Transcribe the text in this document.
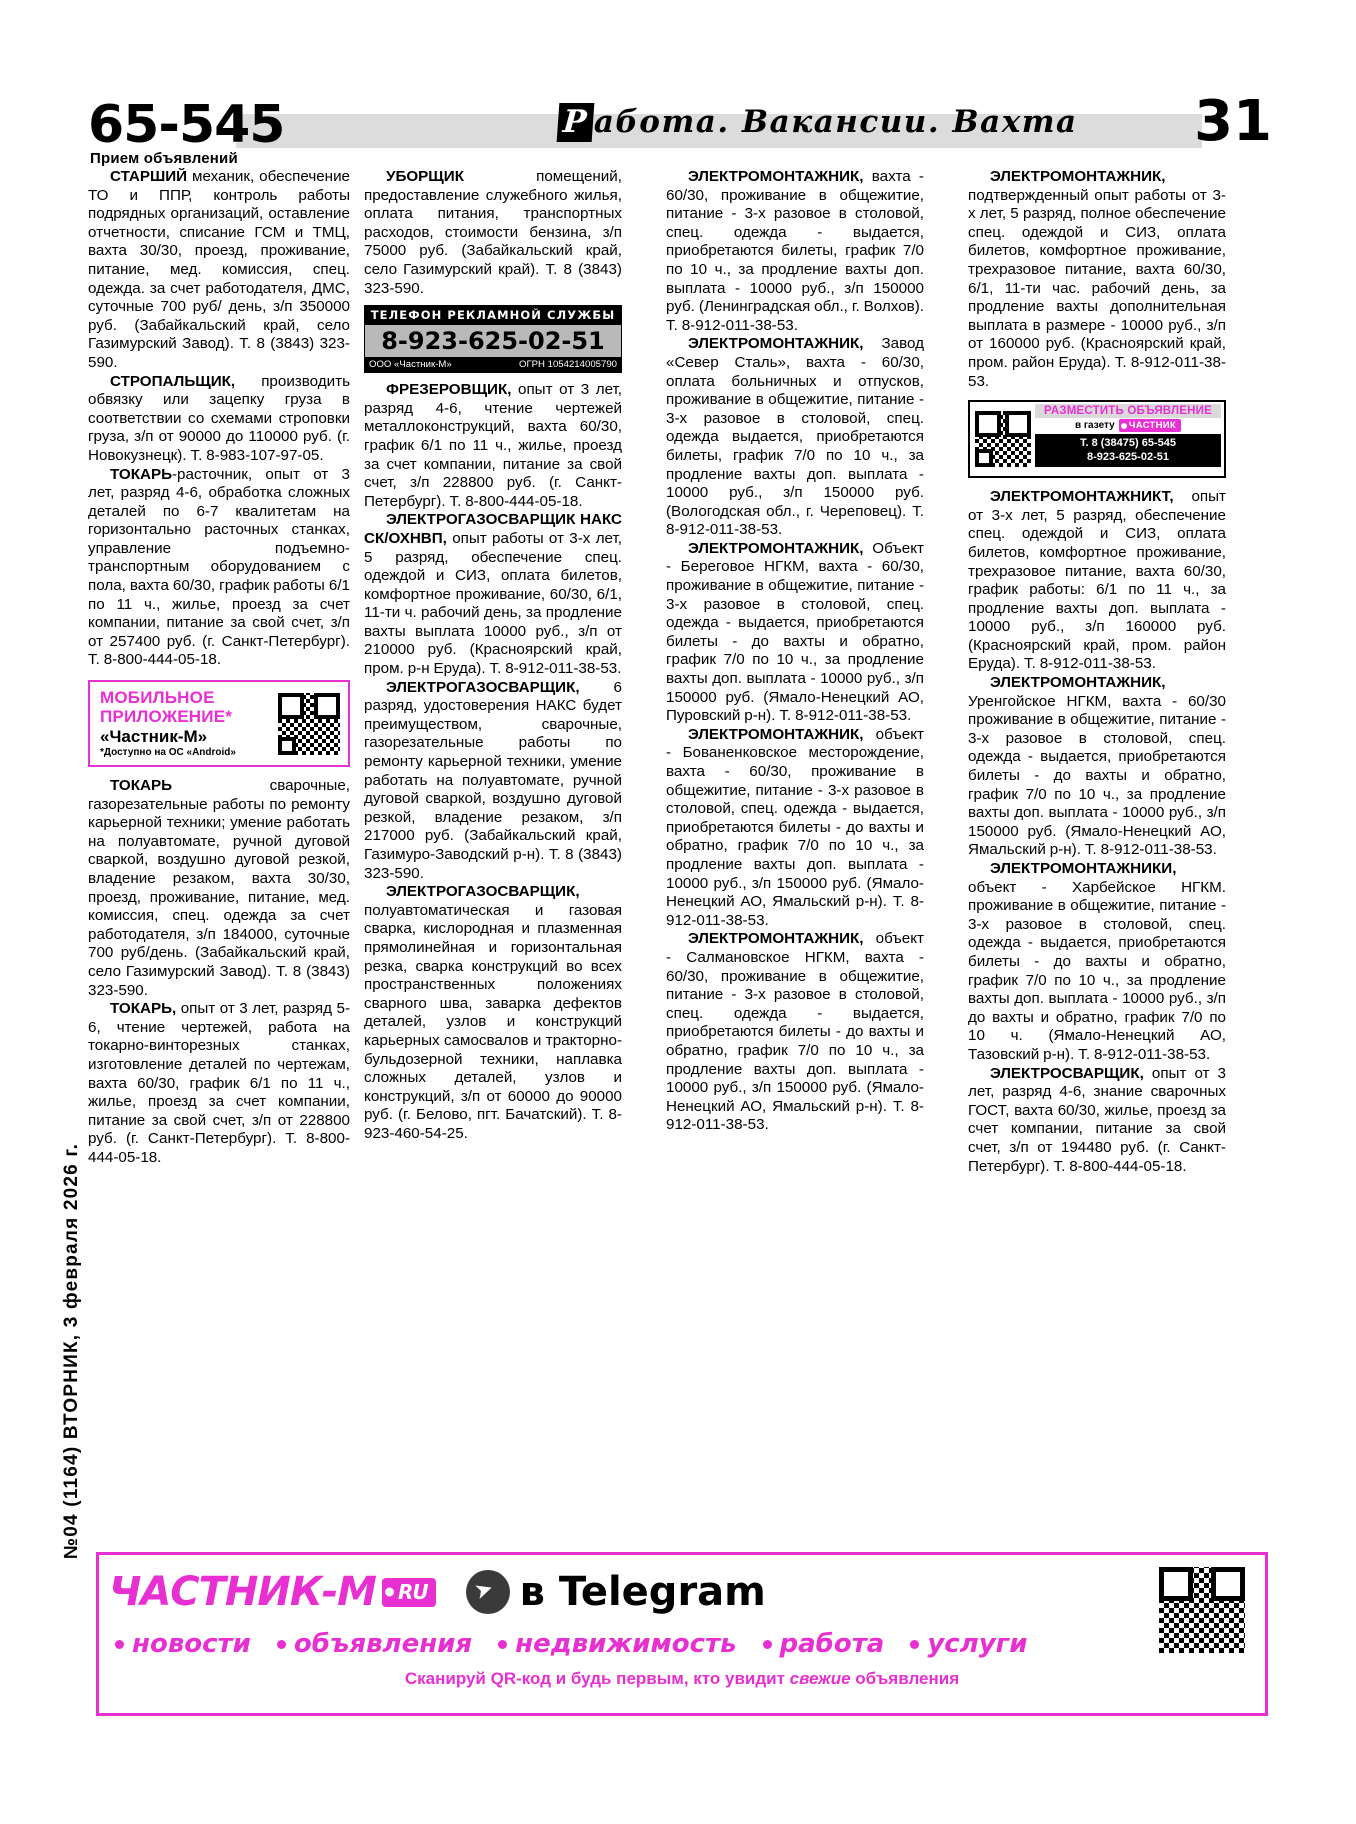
№04 (1164) ВТОРНИК, 3 февраля 2026 г.
65-545
Прием объявлений
Р абота. Вакансии. Вахта 31

СТАРШИЙ механик, обеспечение ТО и ППР, контроль работы подрядных организаций, оставление отчетности, списание ГСМ и ТМЦ, вахта 30/30, проезд, проживание, питание, мед. комиссия, спец. одежда. за счет работодателя, ДМС, суточные 700 руб/ день, з/п 350000 руб. (Забайкальский край, село Газимурский Завод). Т. 8 (3843) 323-590.

СТРОПАЛЬЩИК, производить обвязку или зацепку груза в соответствии со схемами строповки груза, з/п от 90000 до 110000 руб. (г. Новокузнецк). Т. 8-983-107-97-05.

ТОКАРЬ-расточник, опыт от 3 лет, разряд 4-6, обработка сложных деталей по 6-7 квалитетам на горизонтально расточных станках, управление подъемно-транспортным оборудованием с пола, вахта 60/30, график работы 6/1 по 11 ч., жилье, проезд за счет компании, питание за свой счет, з/п от 257400 руб. (г. Санкт-Петербург). Т. 8-800-444-05-18.

МОБИЛЬНОЕ
ПРИЛОЖЕНИЕ*
«Частник-М»
*Доступно на ОС «Android»

ТОКАРЬ сварочные, газорезательные работы по ремонту карьерной техники; умение работать на полуавтомате, ручной дуговой сваркой, воздушно дуговой резкой, владение резаком, вахта 30/30, проезд, проживание, питание, мед. комиссия, спец. одежда за счет работодателя, з/п 184000, суточные 700 руб/день. (Забайкальский край, село Газимурский Завод). Т. 8 (3843) 323-590.

ТОКАРЬ, опыт от 3 лет, разряд 5-6, чтение чертежей, работа на токарно-винторезных станках, изготовление деталей по чертежам, вахта 60/30, график 6/1 по 11 ч., жилье, проезд за счет компании, питание за свой счет, з/п от 228800 руб. (г. Санкт-Петербург). Т. 8-800-444-05-18.

УБОРЩИК помещений, предоставление служебного жилья, оплата питания, транспортных расходов, стоимости бензина, з/п 75000 руб. (Забайкальский край, село Газимурский край). Т. 8 (3843) 323-590.

ТЕЛЕФОН РЕКЛАМНОЙ СЛУЖБЫ
8-923-625-02-51
ООО «Частник-М»	ОГРН 1054214005790

ФРЕЗЕРОВЩИК, опыт от 3 лет, разряд 4-6, чтение чертежей металлоконструкций, вахта 60/30, график 6/1 по 11 ч., жилье, проезд за счет компании, питание за свой счет, з/п 228800 руб. (г. Санкт-Петербург). Т. 8-800-444-05-18.

ЭЛЕКТРОГАЗОСВАРЩИК НАКС СК/ОХНВП, опыт работы от 3-х лет, 5 разряд, обеспечение спец. одеждой и СИЗ, оплата билетов, комфортное проживание, 60/30, 6/1, 11-ти ч. рабочий день, за продление вахты выплата 10000 руб., з/п от 210000 руб. (Красноярский край, пром. р-н Еруда). Т. 8-912-011-38-53.

ЭЛЕКТРОГАЗОСВАРЩИК, 6 разряд, удостоверения НАКС будет преимуществом, сварочные, газорезательные работы по ремонту карьерной техники, умение работать на полуавтомате, ручной дуговой сваркой, воздушно дуговой резкой, владение резаком, з/п 217000 руб. (Забайкальский край, Газимуро-Заводский р-н). Т. 8 (3843) 323-590.

ЭЛЕКТРОГАЗОСВАРЩИК, полуавтоматическая и газовая сварка, кислородная и плазменная прямолинейная и горизонтальная резка, сварка конструкций во всех пространственных положениях сварного шва, заварка дефектов деталей, узлов и конструкций карьерных самосвалов и тракторно-бульдозерной техники, наплавка сложных деталей, узлов и конструкций, з/п от 60000 до 90000 руб. (г. Белово, пгт. Бачатский). Т. 8-923-460-54-25.

ЭЛЕКТРОМОНТАЖНИК, вахта - 60/30, проживание в общежитие, питание - 3-х разовое в столовой, спец. одежда - выдается, приобретаются билеты, график 7/0 по 10 ч., за продление вахты доп. выплата - 10000 руб., з/п 150000 руб. (Ленинградская обл., г. Волхов). Т. 8-912-011-38-53.

ЭЛЕКТРОМОНТАЖНИК, Завод «Север Сталь», вахта - 60/30, оплата больничных и отпусков, проживание в общежитие, питание - 3-х разовое в столовой, спец. одежда выдается, приобретаются билеты, график 7/0 по 10 ч., за продление вахты доп. выплата - 10000 руб., з/п 150000 руб. (Вологодская обл., г. Череповец). Т. 8-912-011-38-53.

ЭЛЕКТРОМОНТАЖНИК, Объект - Береговое НГКМ, вахта - 60/30, проживание в общежитие, питание - 3-х разовое в столовой, спец. одежда - выдается, приобретаются билеты - до вахты и обратно, график 7/0 по 10 ч., за продление вахты доп. выплата - 10000 руб., з/п 150000 руб. (Ямало-Ненецкий АО, Пуровский р-н). Т. 8-912-011-38-53.

ЭЛЕКТРОМОНТАЖНИК, объект - Бованенковское месторождение, вахта - 60/30, проживание в общежитие, питание - 3-х разовое в столовой, спец. одежда - выдается, приобретаются билеты - до вахты и обратно, график 7/0 по 10 ч., за продление вахты доп. выплата - 10000 руб., з/п 150000 руб. (Ямало-Ненецкий АО, Ямальский р-н). Т. 8-912-011-38-53.

ЭЛЕКТРОМОНТАЖНИК, объект - Салмановское НГКМ, вахта - 60/30, проживание в общежитие, питание - 3-х разовое в столовой, спец. одежда - выдается, приобретаются билеты - до вахты и обратно, график 7/0 по 10 ч., за продление вахты доп. выплата - 10000 руб., з/п 150000 руб. (Ямало-Ненецкий АО, Ямальский р-н). Т. 8-912-011-38-53.

ЭЛЕКТРОМОНТАЖНИК, подтвержденный опыт работы от 3-х лет, 5 разряд, полное обеспечение спец. одеждой и СИЗ, оплата билетов, комфортное проживание, трехразовое питание, вахта 60/30, 6/1, 11-ти час. рабочий день, за продление вахты дополнительная выплата в размере - 10000 руб., з/п от 160000 руб. (Красноярский край, пром. район Еруда). Т. 8-912-011-38-53.

РАЗМЕСТИТЬ ОБЪЯВЛЕНИЕ
в газету	ЧАСТНИК
Т. 8 (38475) 65-545
8-923-625-02-51

ЭЛЕКТРОМОНТАЖНИКТ, опыт от 3-х лет, 5 разряд, обеспечение спец. одеждой и СИЗ, оплата билетов, комфортное проживание, трехразовое питание, вахта 60/30, график работы: 6/1 по 11 ч., за продление вахты доп. выплата - 10000 руб., з/п 160000 руб. (Красноярский край, пром. район Еруда). Т. 8-912-011-38-53.

ЭЛЕКТРОМОНТАЖНИК, Уренгойское НГКМ, вахта - 60/30 проживание в общежитие, питание - 3-х разовое в столовой, спец. одежда - выдается, приобретаются билеты - до вахты и обратно, график 7/0 по 10 ч., за продление вахты доп. выплата - 10000 руб., з/п 150000 руб. (Ямало-Ненецкий АО, Ямальский р-н). Т. 8-912-011-38-53.

ЭЛЕКТРОМОНТАЖНИКИ, объект - Харбейское НГКМ. проживание в общежитие, питание - 3-х разовое в столовой, спец. одежда - выдается, приобретаются билеты - до вахты и обратно, график 7/0 по 10 ч., за продление вахты доп. выплата - 10000 руб., з/п до вахты и обратно, график 7/0 по 10 ч. (Ямало-Ненецкий АО, Тазовский р-н). Т. 8-912-011-38-53.

ЭЛЕКТРОСВАРЩИК, опыт от 3 лет, разряд 4-6, знание сварочных ГОСТ, вахта 60/30, жилье, проезд за счет компании, питание за свой счет, з/п от 194480 руб. (г. Санкт-Петербург). Т. 8-800-444-05-18.

ЧАСТНИК-М	RU ➤ в Telegram
новости объявления недвижимость работа услуги
Сканируй QR-код и будь первым, кто увидит свежие объявления
